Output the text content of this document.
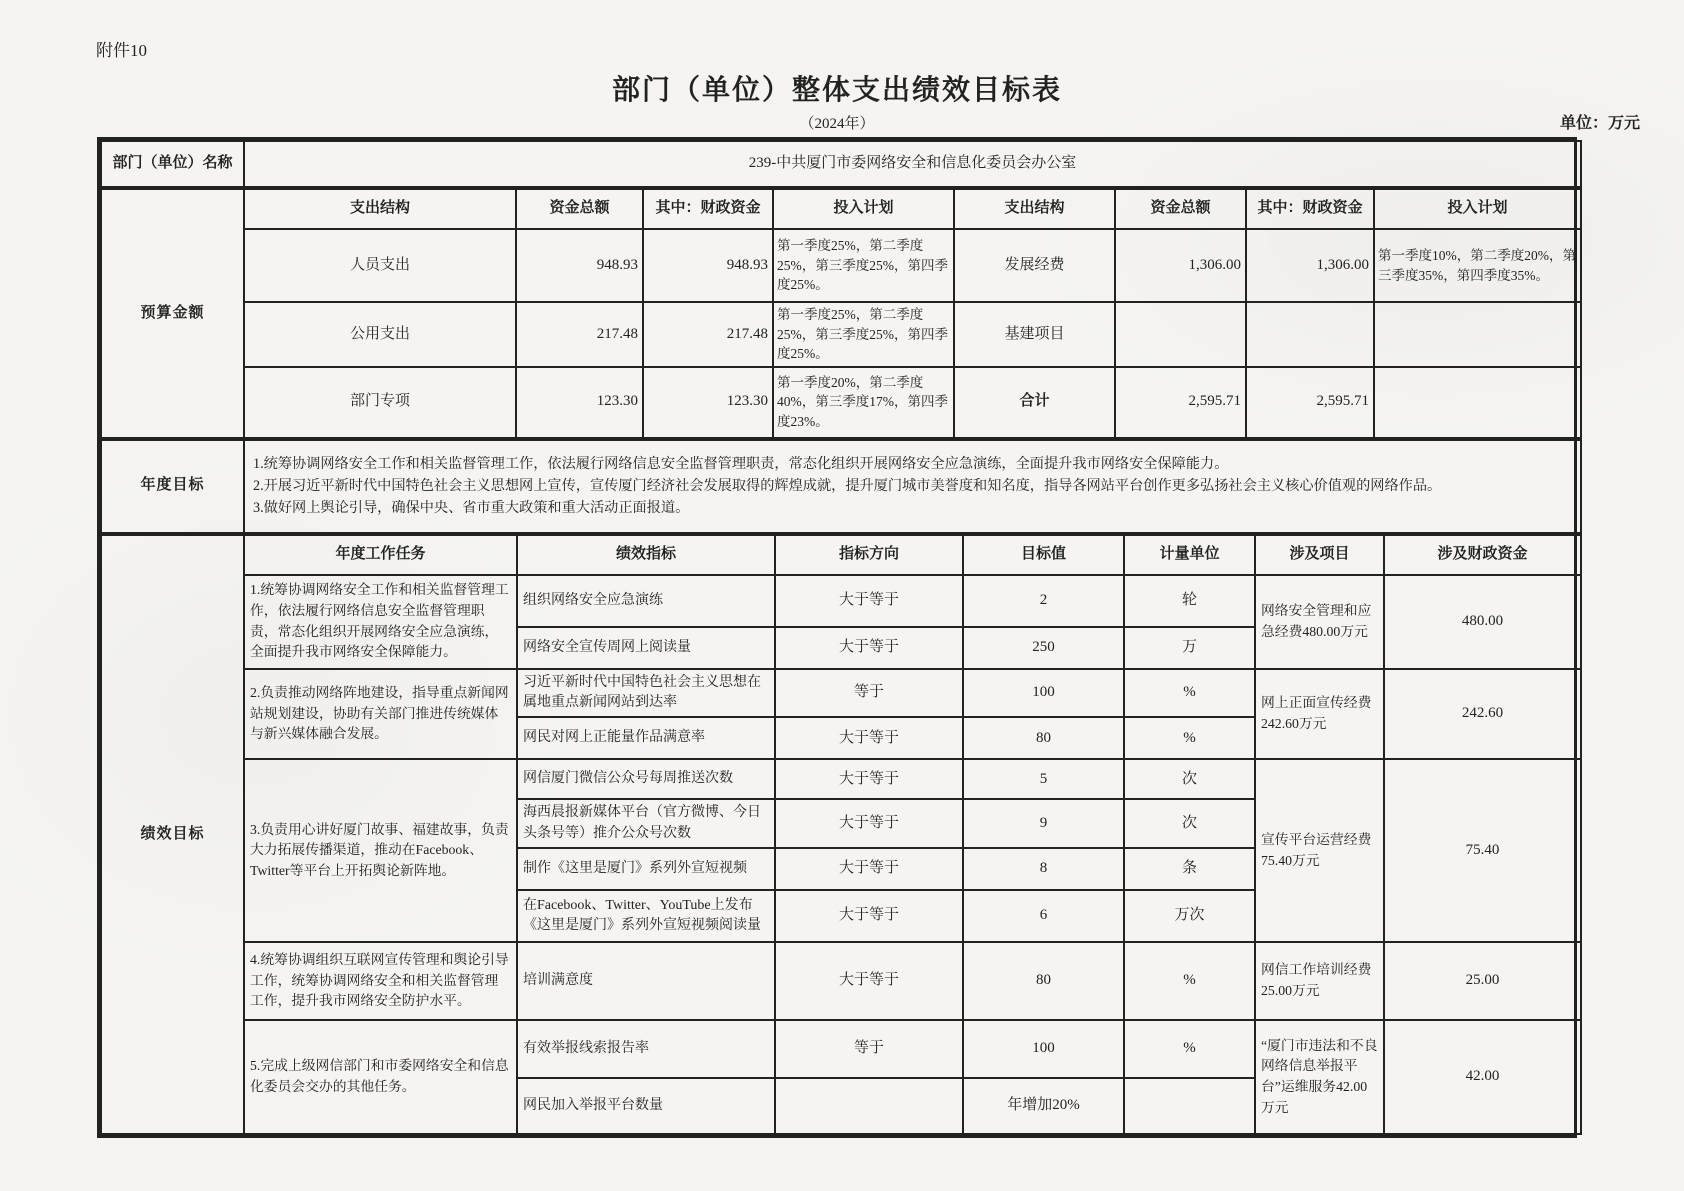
附件10
部门（单位）整体支出绩效目标表
（2024年）	单位：万元
部门（单位）名称	239-中共厦门市委网络安全和信息化委员会办公室
预算金额	支出结构	资金总额	其中：财政资金	投入计划	支出结构	资金总额	其中：财政资金	投入计划
	人员支出	948.93	948.93	第一季度25%，第二季度25%，第三季度25%，第四季度25%。	发展经费	1,306.00	1,306.00	第一季度10%，第二季度20%，第三季度35%，第四季度35%。
	公用支出	217.48	217.48	第一季度25%，第二季度25%，第三季度25%，第四季度25%。	基建项目			
	部门专项	123.30	123.30	第一季度20%，第二季度40%，第三季度17%，第四季度23%。	合计	2,595.71	2,595.71	
年度目标	
1.统筹协调网络安全工作和相关监督管理工作，依法履行网络信息安全监督管理职责，常态化组织开展网络安全应急演练，全面提升我市网络安全保障能力。
2.开展习近平新时代中国特色社会主义思想网上宣传，宣传厦门经济社会发展取得的辉煌成就，提升厦门城市美誉度和知名度，指导各网站平台创作更多弘扬社会主义核心价值观的网络作品。
3.做好网上舆论引导，确保中央、省市重大政策和重大活动正面报道。
绩效目标	年度工作任务	绩效指标	指标方向	目标值	计量单位	涉及项目	涉及财政资金
	1.统筹协调网络安全工作和相关监督管理工作，依法履行网络信息安全监督管理职责，常态化组织开展网络安全应急演练，全面提升我市网络安全保障能力。	组织网络安全应急演练	大于等于	2	轮	网络安全管理和应急经费480.00万元	480.00
		网络安全宣传周网上阅读量	大于等于	250	万		
	2.负责推动网络阵地建设，指导重点新闻网站规划建设，协助有关部门推进传统媒体与新兴媒体融合发展。	习近平新时代中国特色社会主义思想在属地重点新闻网站到达率	等于	100	%	网上正面宣传经费242.60万元	242.60
		网民对网上正能量作品满意率	大于等于	80	%		
	3.负责用心讲好厦门故事、福建故事，负责大力拓展传播渠道，推动在Facebook、Twitter等平台上开拓舆论新阵地。	网信厦门微信公众号每周推送次数	大于等于	5	次	宣传平台运营经费75.40万元	75.40
		海西晨报新媒体平台（官方微博、今日头条号等）推介公众号次数	大于等于	9	次		
		制作《这里是厦门》系列外宣短视频	大于等于	8	条		
		在Facebook、Twitter、YouTube上发布《这里是厦门》系列外宣短视频阅读量	大于等于	6	万次		
	4.统筹协调组织互联网宣传管理和舆论引导工作，统筹协调网络安全和相关监督管理工作，提升我市网络安全防护水平。	培训满意度	大于等于	80	%	网信工作培训经费25.00万元	25.00
	5.完成上级网信部门和市委网络安全和信息化委员会交办的其他任务。	有效举报线索报告率	等于	100	%	“厦门市违法和不良网络信息举报平台”运维服务42.00万元	42.00
		网民加入举报平台数量		年增加20%			
